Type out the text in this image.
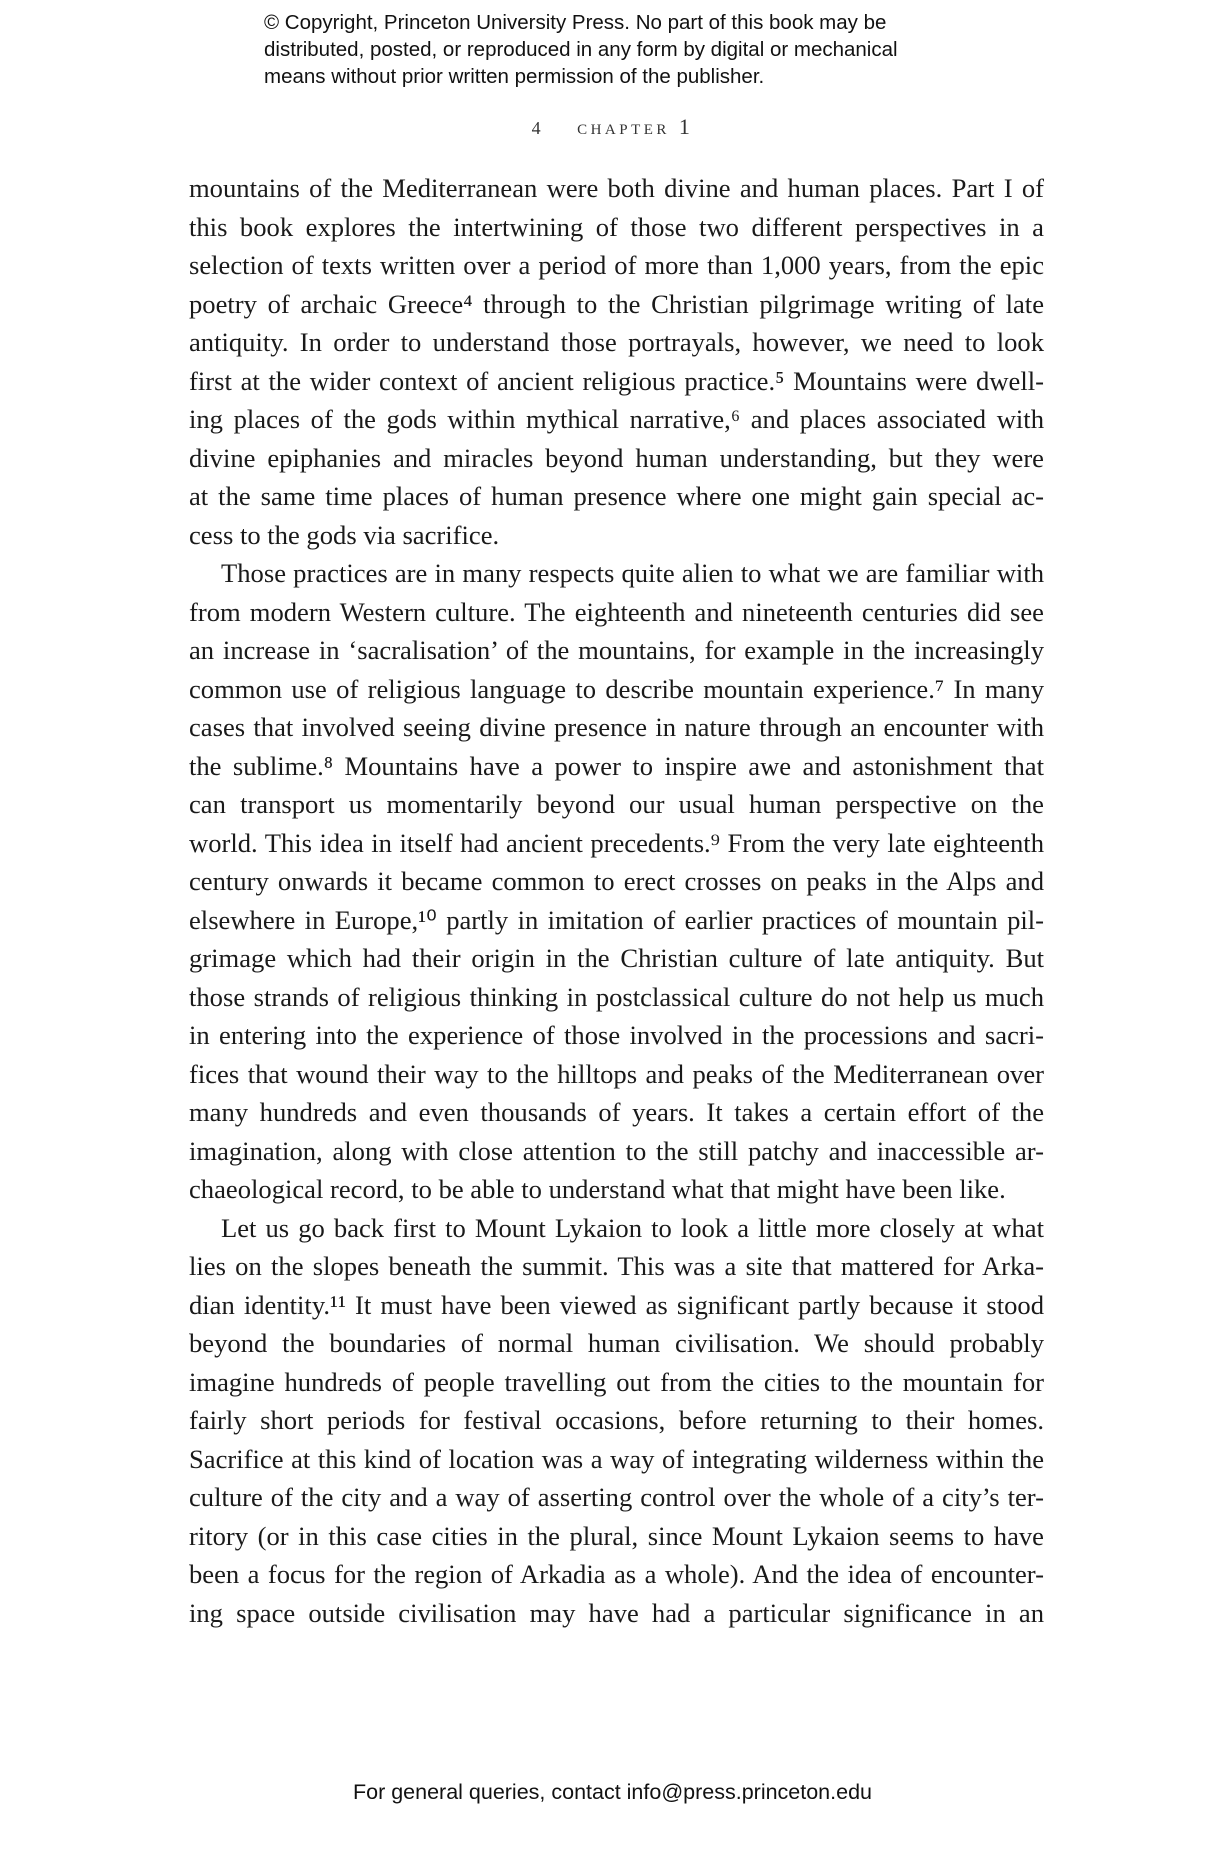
© Copyright, Princeton University Press. No part of this book may be
distributed, posted, or reproduced in any form by digital or mechanical
means without prior written permission of the publisher.
4 chapter 1
mountains of the Mediterranean were both divine and human places. Part I of
this book explores the intertwining of those two different perspectives in a
selection of texts written over a period of more than 1,000 years, from the epic
poetry of archaic Greece⁴ through to the Christian pilgrimage writing of late
antiquity. In order to understand those portrayals, however, we need to look
first at the wider context of ancient religious practice.⁵ Mountains were dwell-
ing places of the gods within mythical narrative,⁶ and places associated with
divine epiphanies and miracles beyond human understanding, but they were
at the same time places of human presence where one might gain special ac-
cess to the gods via sacrifice.
Those practices are in many respects quite alien to what we are familiar with
from modern Western culture. The eighteenth and nineteenth centuries did see
an increase in ‘sacralisation’ of the mountains, for example in the increasingly
common use of religious language to describe mountain experience.⁷ In many
cases that involved seeing divine presence in nature through an encounter with
the sublime.⁸ Mountains have a power to inspire awe and astonishment that
can transport us momentarily beyond our usual human perspective on the
world. This idea in itself had ancient precedents.⁹ From the very late eighteenth
century onwards it became common to erect crosses on peaks in the Alps and
elsewhere in Europe,¹⁰ partly in imitation of earlier practices of mountain pil-
grimage which had their origin in the Christian culture of late antiquity. But
those strands of religious thinking in postclassical culture do not help us much
in entering into the experience of those involved in the processions and sacri-
fices that wound their way to the hilltops and peaks of the Mediterranean over
many hundreds and even thousands of years. It takes a certain effort of the
imagination, along with close attention to the still patchy and inaccessible ar-
chaeological record, to be able to understand what that might have been like.
Let us go back first to Mount Lykaion to look a little more closely at what
lies on the slopes beneath the summit. This was a site that mattered for Arka-
dian identity.¹¹ It must have been viewed as significant partly because it stood
beyond the boundaries of normal human civilisation. We should probably
imagine hundreds of people travelling out from the cities to the mountain for
fairly short periods for festival occasions, before returning to their homes.
Sacrifice at this kind of location was a way of integrating wilderness within the
culture of the city and a way of asserting control over the whole of a city’s ter-
ritory (or in this case cities in the plural, since Mount Lykaion seems to have
been a focus for the region of Arkadia as a whole). And the idea of encounter-
ing space outside civilisation may have had a particular significance in an
For general queries, contact info@press.princeton.edu
